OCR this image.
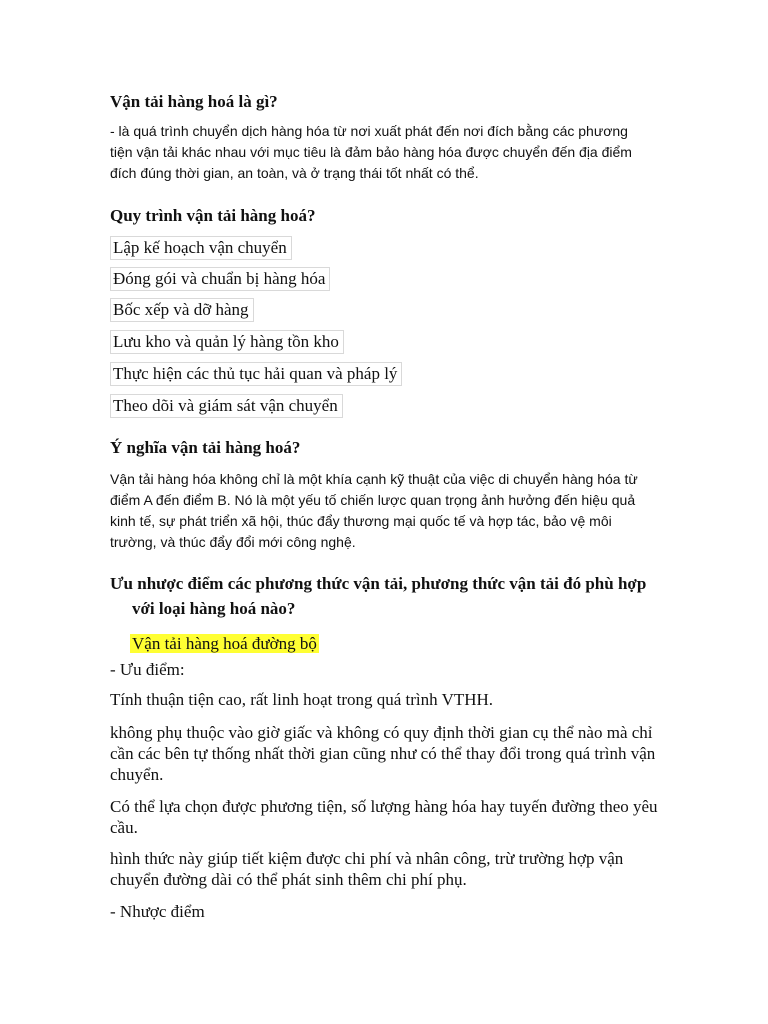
Vận tải hàng hoá là gì?
- là quá trình chuyển dịch hàng hóa từ nơi xuất phát đến nơi đích bằng các phương
tiện vận tải khác nhau với mục tiêu là đảm bảo hàng hóa được chuyển đến địa điểm
đích đúng thời gian, an toàn, và ở trạng thái tốt nhất có thể.
Quy trình vận tải hàng hoá?
Lập kế hoạch vận chuyển
Đóng gói và chuẩn bị hàng hóa
Bốc xếp và dỡ hàng
Lưu kho và quản lý hàng tồn kho
Thực hiện các thủ tục hải quan và pháp lý
Theo dõi và giám sát vận chuyển
Ý nghĩa vận tải hàng hoá?
Vận tải hàng hóa không chỉ là một khía cạnh kỹ thuật của việc di chuyển hàng hóa từ
điểm A đến điểm B. Nó là một yếu tố chiến lược quan trọng ảnh hưởng đến hiệu quả
kinh tế, sự phát triển xã hội, thúc đẩy thương mại quốc tế và hợp tác, bảo vệ môi
trường, và thúc đẩy đổi mới công nghệ.
Ưu nhược điểm các phương thức vận tải, phương thức vận tải đó phù hợp
với loại hàng hoá nào?
Vận tải hàng hoá đường bộ
- Ưu điểm:
Tính thuận tiện cao, rất linh hoạt trong quá trình VTHH.
không phụ thuộc vào giờ giấc và không có quy định thời gian cụ thể nào mà chỉ
cần các bên tự thống nhất thời gian cũng như có thể thay đổi trong quá trình vận
chuyển.
Có thể lựa chọn được phương tiện, số lượng hàng hóa hay tuyến đường theo yêu
cầu.
hình thức này giúp tiết kiệm được chi phí và nhân công, trừ trường hợp vận
chuyển đường dài có thể phát sinh thêm chi phí phụ.
- Nhược điểm
